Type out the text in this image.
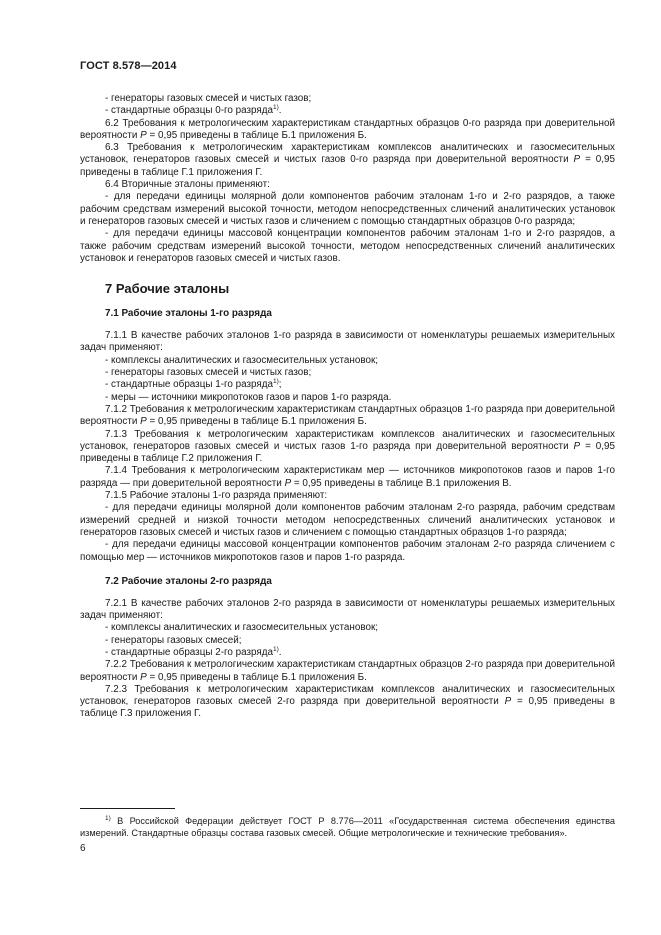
ГОСТ 8.578—2014

- генераторы газовых смесей и чистых газов;

- стандартные образцы 0-го разряда$^{1)}$.

6.2 Требования к метрологическим характеристикам стандартных образцов 0-го разряда при доверительной вероятности P = 0,95 приведены в таблице Б.1 приложения Б.

6.3 Требования к метрологическим характеристикам комплексов аналитических и газосмесительных установок, генераторов газовых смесей и чистых газов 0-го разряда при доверительной вероятности P = 0,95 приведены в таблице Г.1 приложения Г.

6.4 Вторичные эталоны применяют:

- для передачи единицы молярной доли компонентов рабочим эталонам 1-го и 2-го разрядов, а также рабочим средствам измерений высокой точности, методом непосредственных сличений аналитических установок и генераторов газовых смесей и чистых газов и сличением с помощью стандартных образцов 0-го разряда;

- для передачи единицы массовой концентрации компонентов рабочим эталонам 1-го и 2-го разрядов, а также рабочим средствам измерений высокой точности, методом непосредственных сличений аналитических установок и генераторов газовых смесей и чистых газов.

7 Рабочие эталоны
7.1 Рабочие эталоны 1-го разряда

7.1.1 В качестве рабочих эталонов 1-го разряда в зависимости от номенклатуры решаемых измерительных задач применяют:

- комплексы аналитических и газосмесительных установок;

- генераторы газовых смесей и чистых газов;

- стандартные образцы 1-го разряда$^{1)}$;

- меры — источники микропотоков газов и паров 1-го разряда.

7.1.2 Требования к метрологическим характеристикам стандартных образцов 1-го разряда при доверительной вероятности P = 0,95 приведены в таблице Б.1 приложения Б.

7.1.3 Требования к метрологическим характеристикам комплексов аналитических и газосмесительных установок, генераторов газовых смесей и чистых газов 1-го разряда при доверительной вероятности P = 0,95 приведены в таблице Г.2 приложения Г.

7.1.4 Требования к метрологическим характеристикам мер — источников микропотоков газов и паров 1-го разряда — при доверительной вероятности P = 0,95 приведены в таблице В.1 приложения В.

7.1.5 Рабочие эталоны 1-го разряда применяют:

- для передачи единицы молярной доли компонентов рабочим эталонам 2-го разряда, рабочим средствам измерений средней и низкой точности методом непосредственных сличений аналитических установок и генераторов газовых смесей и чистых газов и сличением с помощью стандартных образцов 1-го разряда;

- для передачи единицы массовой концентрации компонентов рабочим эталонам 2-го разряда сличением с помощью мер — источников микропотоков газов и паров 1-го разряда.

7.2 Рабочие эталоны 2-го разряда

7.2.1 В качестве рабочих эталонов 2-го разряда в зависимости от номенклатуры решаемых измерительных задач применяют:

- комплексы аналитических и газосмесительных установок;

- генераторы газовых смесей;

- стандартные образцы 2-го разряда$^{1)}$.

7.2.2 Требования к метрологическим характеристикам стандартных образцов 2-го разряда при доверительной вероятности P = 0,95 приведены в таблице Б.1 приложения Б.

7.2.3 Требования к метрологическим характеристикам комплексов аналитических и газосмесительных установок, генераторов газовых смесей 2-го разряда при доверительной вероятности P = 0,95 приведены в таблице Г.3 приложения Г.

$^{1)}$ В Российской Федерации действует ГОСТ Р 8.776—2011 «Государственная система обеспечения единства измерений. Стандартные образцы состава газовых смесей. Общие метрологические и технические требования».

6
